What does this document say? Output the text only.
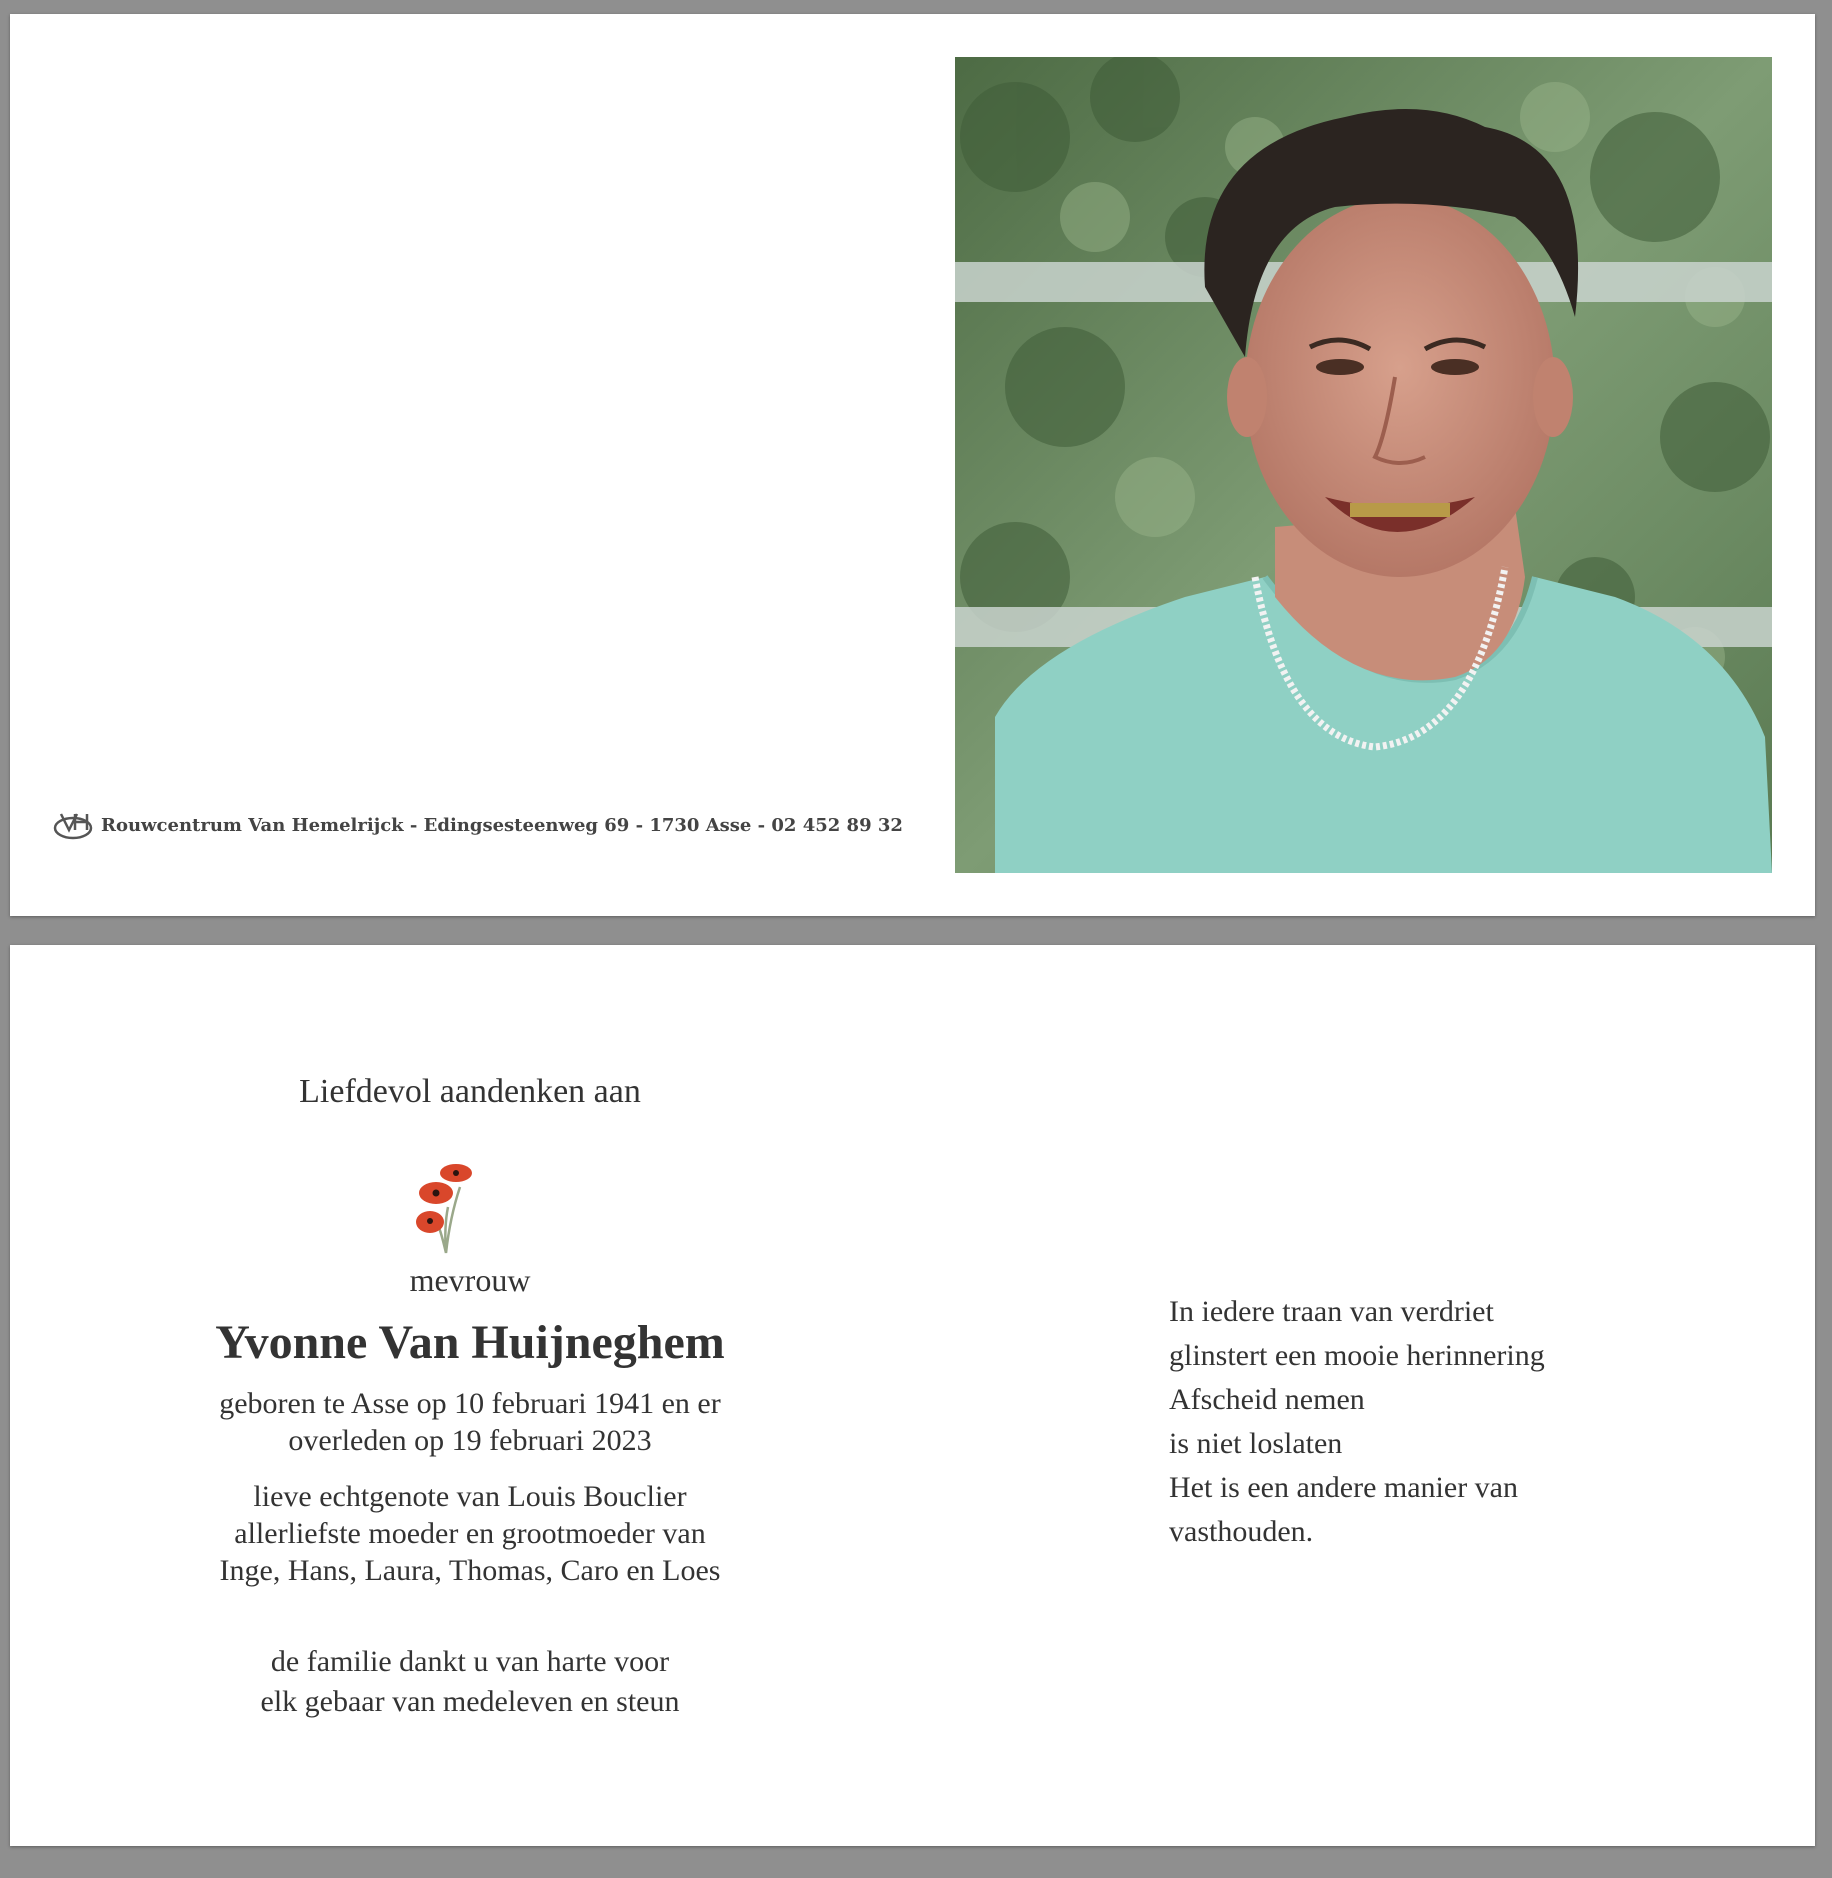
Rouwcentrum Van Hemelrijck - Edingsesteenweg 69 - 1730 Asse - 02 452 89 32
Liefdevol aandenken aan
mevrouw
Yvonne Van Huijneghem
geboren te Asse op 10 februari 1941 en er
overleden op 19 februari 2023
lieve echtgenote van Louis Bouclier
allerliefste moeder en grootmoeder van
Inge, Hans, Laura, Thomas, Caro en Loes
de familie dankt u van harte voor
elk gebaar van medeleven en steun
In iedere traan van verdriet
glinstert een mooie herinnering
Afscheid nemen
is niet loslaten
Het is een andere manier van
vasthouden.
